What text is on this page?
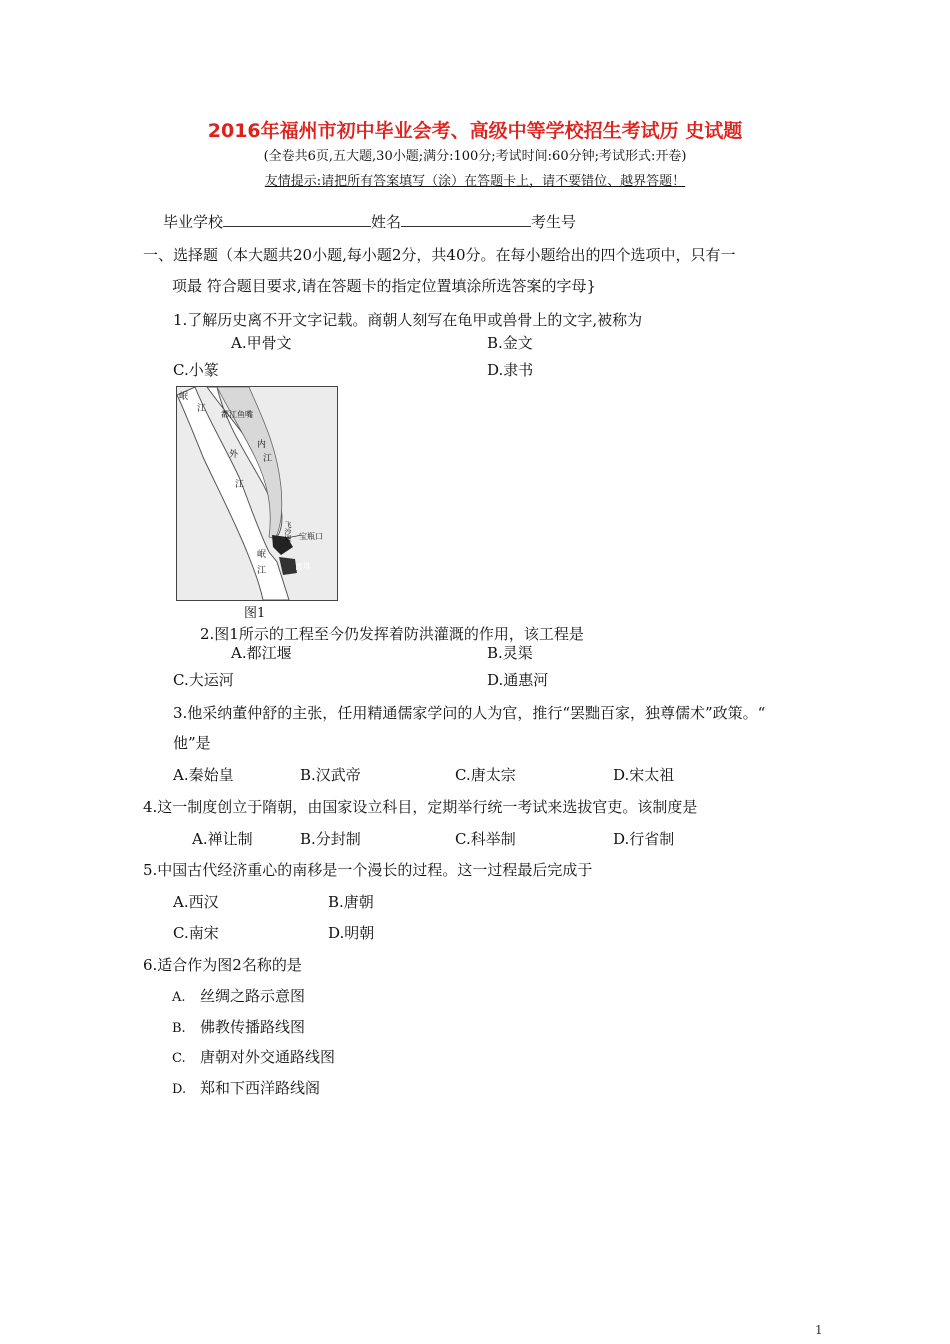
2016年福州市初中毕业会考、高级中等学校招生考试历 史试题
(全卷共6页,五大题,30小题;满分:100分;考试时间:60分钟;考试形式:开卷)
友情提示:请把所有答案填写（涂）在答题卡上，请不要错位、越界答题！
毕业学校	姓名	考生号
一、选择题（本大题共20小题,每小题2分，共40分。在每小题给出的四个选项中，只有一
项最 符合题目要求,请在答题卡的指定位置填涂所选答案的字母}
1.了解历史离不开文字记载。商朝人刻写在龟甲或兽骨上的文字,被称为
A.甲骨文	B.金文
C.小篆	D.隶书
岷
江
都江鱼嘴
内
江
外
江
飞沙堰 宝瓶口
岷
江	离堆
图1
2.图1所示的工程至今仍发挥着防洪灌溉的作用，该工程是
A.都江堰	B.灵渠
C.大运河	D.通惠河
3.他采纳董仲舒的主张，任用精通儒家学问的人为官，推行“罢黜百家，独尊儒术”政策。“
他”是
A.秦始皇	B.汉武帝	C.唐太宗	D.宋太祖
4.这一制度创立于隋朝，由国家设立科目，定期举行统一考试来选拔官吏。该制度是
A.禅让制	B.分封制	C.科举制	D.行省制
5.中国古代经济重心的南移是一个漫长的过程。这一过程最后完成于
A.西汉	B.唐朝
C.南宋	D.明朝
6.适合作为图2名称的是
A. 丝绸之路示意图
B. 佛教传播路线图
C. 唐朝对外交通路线图
D. 郑和下西洋路线阁
1
